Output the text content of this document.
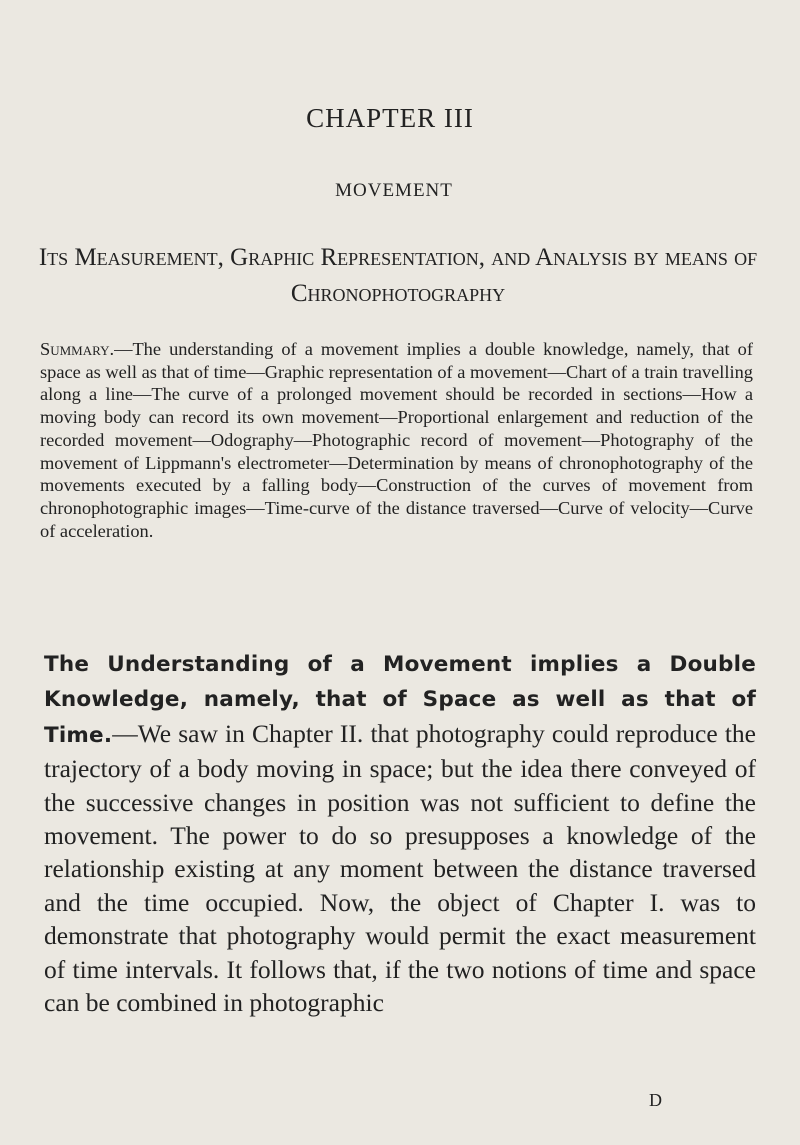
CHAPTER III
MOVEMENT
Its Measurement, Graphic Representation, and Analysis by means of Chronophotography
Summary.—The understanding of a movement implies a double knowledge, namely, that of space as well as that of time—Graphic representation of a movement—Chart of a train travelling along a line—The curve of a prolonged movement should be recorded in sections—How a moving body can record its own movement—Proportional enlargement and reduction of the recorded movement—Odography—Photographic record of movement—Photography of the movement of Lippmann's electrometer—Determination by means of chronophotography of the movements executed by a falling body—Construction of the curves of movement from chronophotographic images—Time-curve of the distance traversed—Curve of velocity—Curve of acceleration.
The Understanding of a Movement implies a Double Knowledge, namely, that of Space as well as that of Time.—We saw in Chapter II. that photography could reproduce the trajectory of a body moving in space; but the idea there conveyed of the successive changes in position was not sufficient to define the movement. The power to do so presupposes a knowledge of the relationship existing at any moment between the distance traversed and the time occupied. Now, the object of Chapter I. was to demonstrate that photography would permit the exact measurement of time intervals. It follows that, if the two notions of time and space can be combined in photographic
D
